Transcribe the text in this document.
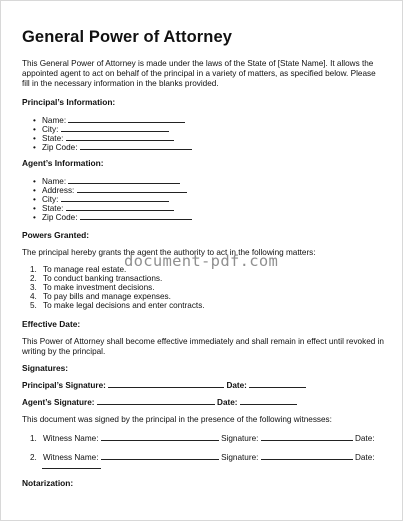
General Power of Attorney
This General Power of Attorney is made under the laws of the State of [State Name]. It allows the appointed agent to act on behalf of the principal in a variety of matters, as specified below. Please fill in the necessary information in the blanks provided.
Principal’s Information:
• Name:
• City:
• State:
• Zip Code:
Agent’s Information:
• Name:
• Address:
• City:
• State:
• Zip Code:
Powers Granted:
The principal hereby grants the agent the authority to act in the following matters:
1. To manage real estate.
2. To conduct banking transactions.
3. To make investment decisions.
4. To pay bills and manage expenses.
5. To make legal decisions and enter contracts.
Effective Date:
This Power of Attorney shall become effective immediately and shall remain in effect until revoked in writing by the principal.
Signatures:
Principal’s Signature:	Date:
Agent’s Signature:	Date:
This document was signed by the principal in the presence of the following witnesses:
1. Witness Name:	Signature:	Date:
2. Witness Name:	Signature:	Date:
Notarization:
document-pdf.com
